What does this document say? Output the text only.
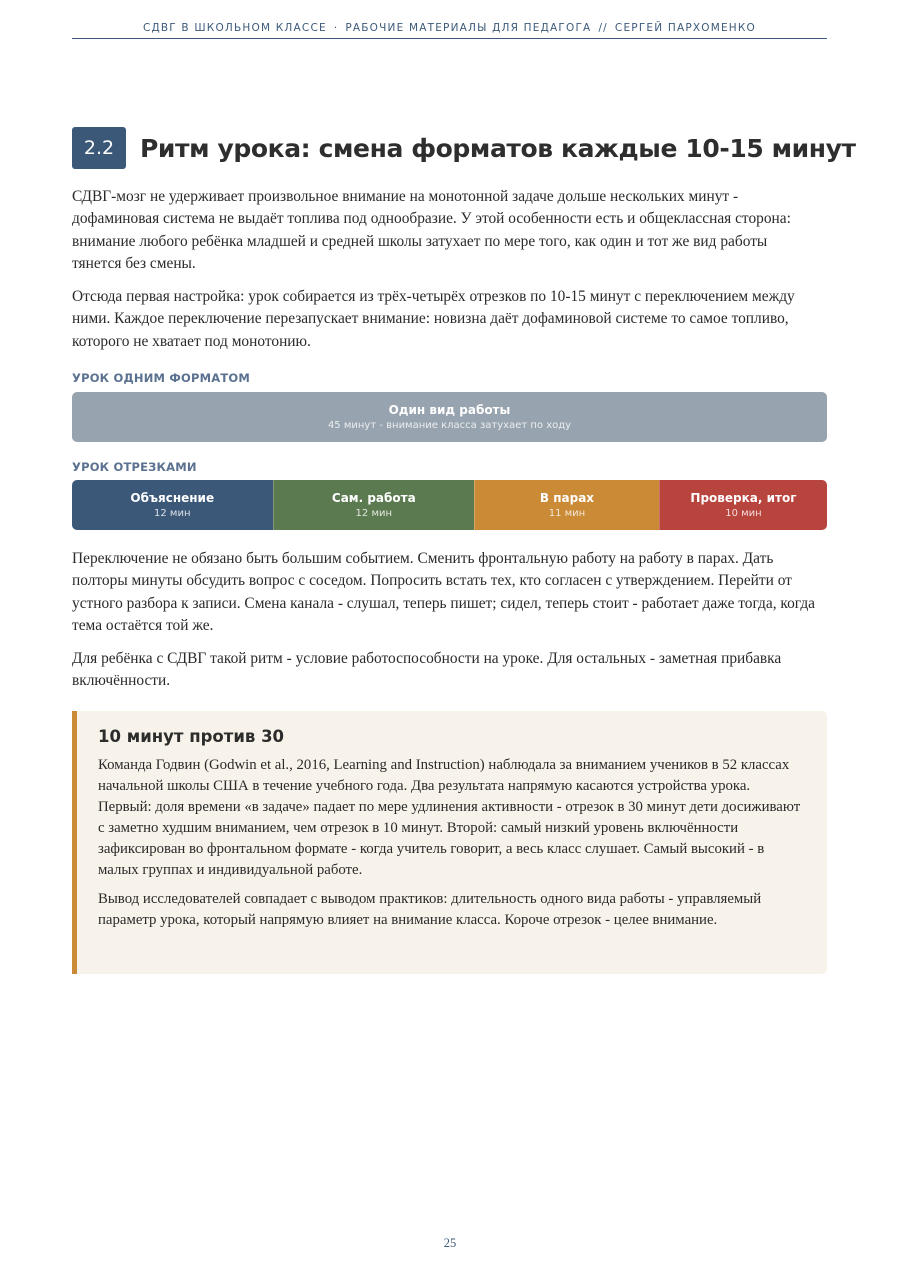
СДВГ В ШКОЛЬНОМ КЛАССЕ · РАБОЧИЕ МАТЕРИАЛЫ ДЛЯ ПЕДАГОГА // СЕРГЕЙ ПАРХОМЕНКО
2.2	Ритм урока: смена форматов каждые 10-15 минут
СДВГ-мозг не удерживает произвольное внимание на монотонной задаче дольше нескольких минут - дофаминовая система не выдаёт топлива под однообразие. У этой особенности есть и общеклассная сторона: внимание любого ребёнка младшей и средней школы затухает по мере того, как один и тот же вид работы тянется без смены.
Отсюда первая настройка: урок собирается из трёх-четырёх отрезков по 10-15 минут с переключением между ними. Каждое переключение перезапускает внимание: новизна даёт дофаминовой системе то самое топливо, которого не хватает под монотонию.
УРОК ОДНИМ ФОРМАТОМ
Один вид работы
45 минут - внимание класса затухает по ходу
УРОК ОТРЕЗКАМИ
Объяснение
12 мин
Сам. работа
12 мин
В парах
11 мин
Проверка, итог
10 мин
Переключение не обязано быть большим событием. Сменить фронтальную работу на работу в парах. Дать полторы минуты обсудить вопрос с соседом. Попросить встать тех, кто согласен с утверждением. Перейти от устного разбора к записи. Смена канала - слушал, теперь пишет; сидел, теперь стоит - работает даже тогда, когда тема остаётся той же.
Для ребёнка с СДВГ такой ритм - условие работоспособности на уроке. Для остальных - заметная прибавка включённости.
10 минут против 30

Команда Годвин (Godwin et al., 2016, Learning and Instruction) наблюдала за вниманием учеников в 52 классах начальной школы США в течение учебного года. Два результата напрямую касаются устройства урока. Первый: доля времени «в задаче» падает по мере удлинения активности - отрезок в 30 минут дети досиживают с заметно худшим вниманием, чем отрезок в 10 минут. Второй: самый низкий уровень включённости зафиксирован во фронтальном формате - когда учитель говорит, а весь класс слушает. Самый высокий - в малых группах и индивидуальной работе.

Вывод исследователей совпадает с выводом практиков: длительность одного вида работы - управляемый параметр урока, который напрямую влияет на внимание класса. Короче отрезок - целее внимание.

25
